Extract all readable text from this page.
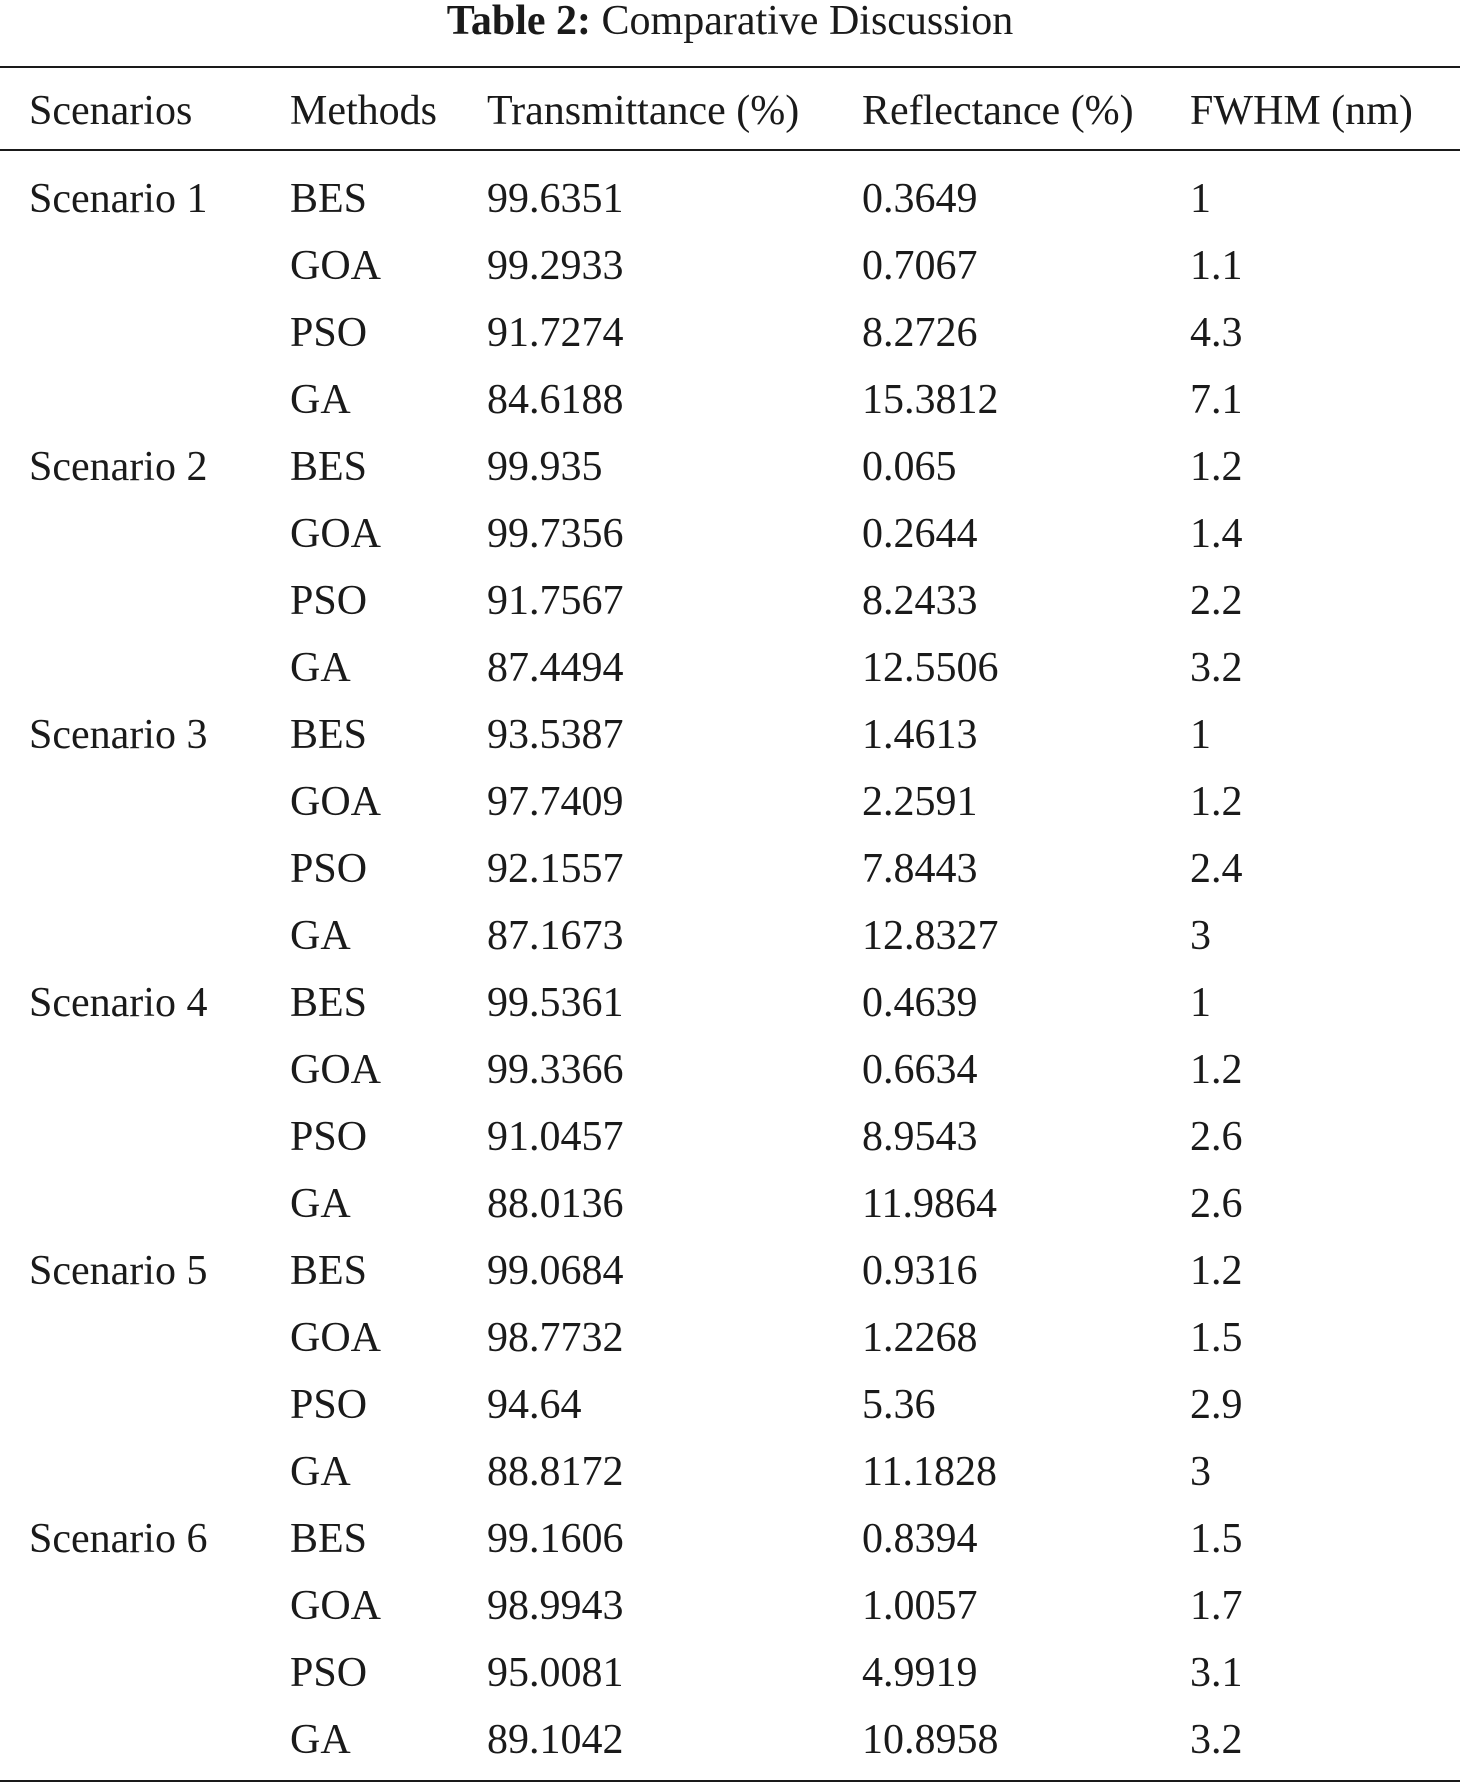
Table 2: Comparative Discussion
Scenarios	Methods	Transmittance (%)	Reflectance (%)	FWHM (nm)

Scenario 1	BES	99.6351	0.3649	1
	GOA	99.2933	0.7067	1.1
	PSO	91.7274	8.2726	4.3
	GA	84.6188	15.3812	7.1
Scenario 2	BES	99.935	0.065	1.2
	GOA	99.7356	0.2644	1.4
	PSO	91.7567	8.2433	2.2
	GA	87.4494	12.5506	3.2
Scenario 3	BES	93.5387	1.4613	1
	GOA	97.7409	2.2591	1.2
	PSO	92.1557	7.8443	2.4
	GA	87.1673	12.8327	3
Scenario 4	BES	99.5361	0.4639	1
	GOA	99.3366	0.6634	1.2
	PSO	91.0457	8.9543	2.6
	GA	88.0136	11.9864	2.6
Scenario 5	BES	99.0684	0.9316	1.2
	GOA	98.7732	1.2268	1.5
	PSO	94.64	5.36	2.9
	GA	88.8172	11.1828	3
Scenario 6	BES	99.1606	0.8394	1.5
	GOA	98.9943	1.0057	1.7
	PSO	95.0081	4.9919	3.1
	GA	89.1042	10.8958	3.2
